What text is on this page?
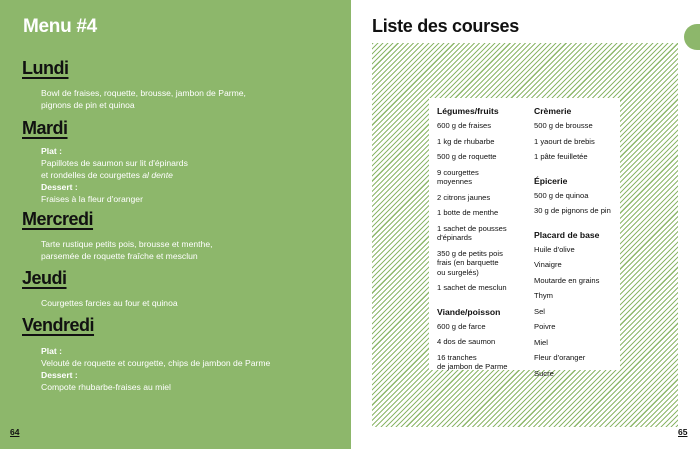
Menu #4
Lundi
Bowl de fraises, roquette, brousse, jambon de Parme,
pignons de pin et quinoa
Mardi
Plat :
Papillotes de saumon sur lit d'épinards
et rondelles de courgettes al dente
Dessert :
Fraises à la fleur d'oranger
Mercredi
Tarte rustique petits pois, brousse et menthe,
parsemée de roquette fraîche et mesclun
Jeudi
Courgettes farcies au four et quinoa
Vendredi
Plat :
Velouté de roquette et courgette, chips de jambon de Parme
Dessert :
Compote rhubarbe-fraises au miel
64
Liste des courses
Légumes/fruits
600 g de fraises
1 kg de rhubarbe
500 g de roquette
9 courgettes
moyennes
2 citrons jaunes
1 botte de menthe
1 sachet de pousses
d'épinards
350 g de petits pois
frais (en barquette
ou surgelés)
1 sachet de mesclun
Viande/poisson
600 g de farce
4 dos de saumon
16 tranches
de jambon de Parme
Crèmerie
500 g de brousse
1 yaourt de brebis
1 pâte feuilletée
Épicerie
500 g de quinoa
30 g de pignons de pin
Placard de base
Huile d'olive
Vinaigre
Moutarde en grains
Thym
Sel
Poivre
Miel
Fleur d'oranger
Sucre
65
